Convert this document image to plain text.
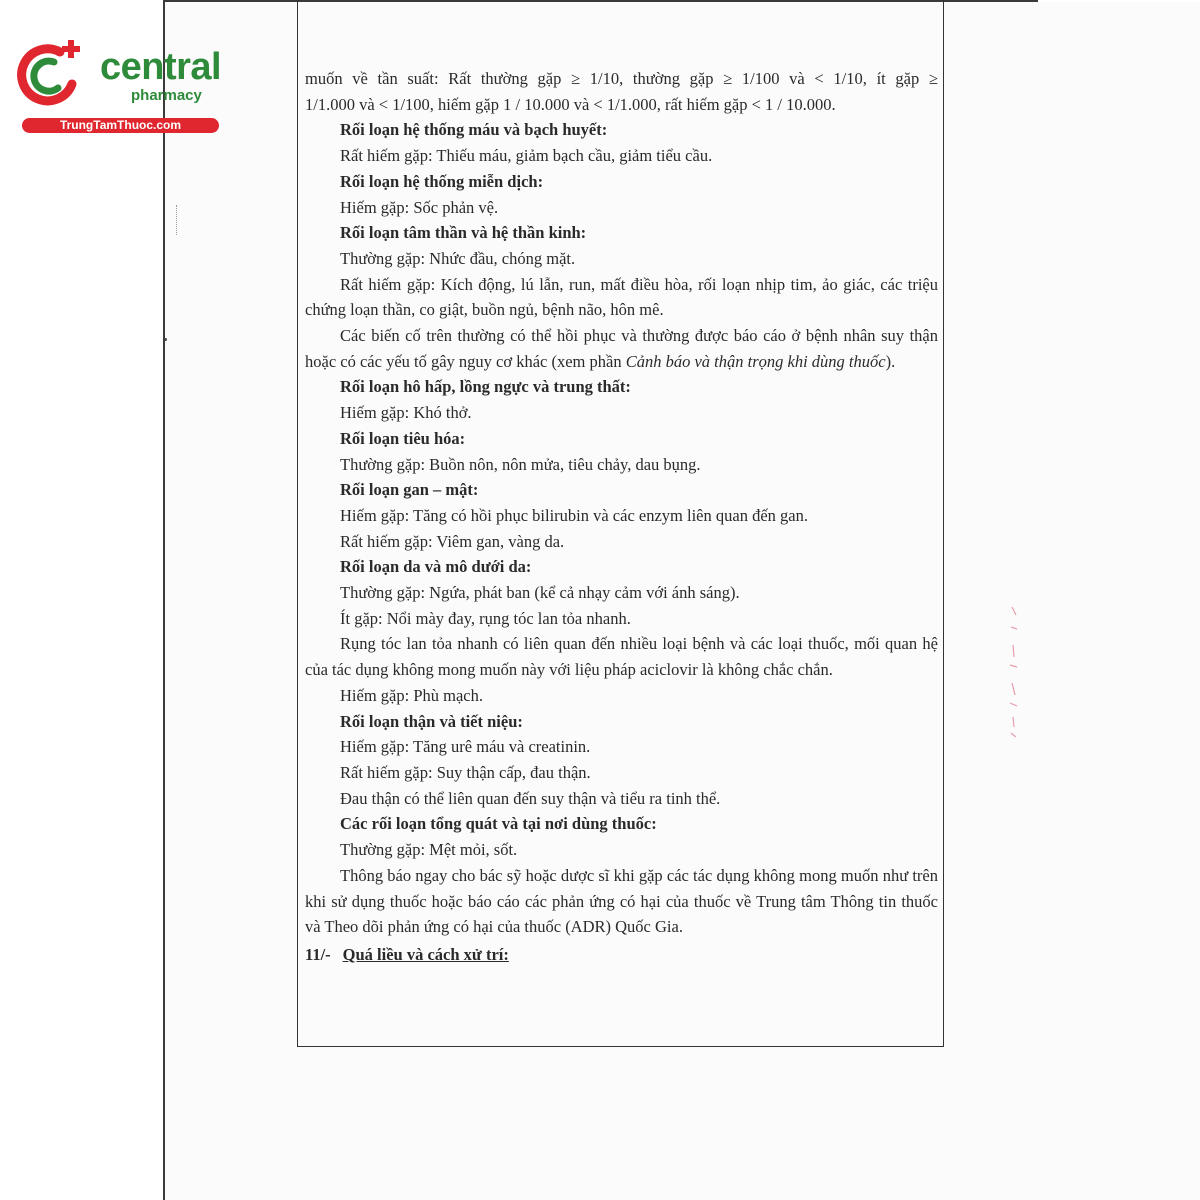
central
pharmacy
TrungTamThuoc.com

muốn về tần suất: Rất thường gặp ≥ 1/10, thường gặp ≥ 1/100 và < 1/10, ít gặp ≥

1/1.000 và < 1/100, hiếm gặp 1 / 10.000 và < 1/1.000, rất hiếm gặp < 1 / 10.000.

Rối loạn hệ thống máu và bạch huyết:

Rất hiếm gặp: Thiếu máu, giảm bạch cầu, giảm tiểu cầu.

Rối loạn hệ thống miễn dịch:

Hiếm gặp: Sốc phản vệ.

Rối loạn tâm thần và hệ thần kinh:

Thường gặp: Nhức đầu, chóng mặt.

Rất hiếm gặp: Kích động, lú lẫn, run, mất điều hòa, rối loạn nhịp tim, ảo giác, các triệu chứng loạn thần, co giật, buồn ngủ, bệnh não, hôn mê.

Các biến cố trên thường có thể hồi phục và thường được báo cáo ở bệnh nhân suy thận hoặc có các yếu tố gây nguy cơ khác (xem phần Cảnh báo và thận trọng khi dùng thuốc).

Rối loạn hô hấp, lồng ngực và trung thất:

Hiếm gặp: Khó thở.

Rối loạn tiêu hóa:

Thường gặp: Buồn nôn, nôn mửa, tiêu chảy, dau bụng.

Rối loạn gan – mật:

Hiếm gặp: Tăng có hồi phục bilirubin và các enzym liên quan đến gan.

Rất hiếm gặp: Viêm gan, vàng da.

Rối loạn da và mô dưới da:

Thường gặp: Ngứa, phát ban (kể cả nhạy cảm với ánh sáng).

Ít gặp: Nổi mày đay, rụng tóc lan tỏa nhanh.

Rụng tóc lan tỏa nhanh có liên quan đến nhiều loại bệnh và các loại thuốc, mối quan hệ của tác dụng không mong muốn này với liệu pháp aciclovir là không chắc chắn.

Hiếm gặp: Phù mạch.

Rối loạn thận và tiết niệu:

Hiếm gặp: Tăng urê máu và creatinin.

Rất hiếm gặp: Suy thận cấp, đau thận.

Đau thận có thể liên quan đến suy thận và tiểu ra tinh thể.

Các rối loạn tổng quát và tại nơi dùng thuốc:

Thường gặp: Mệt mỏi, sốt.

Thông báo ngay cho bác sỹ hoặc dược sĩ khi gặp các tác dụng không mong muốn như trên khi sử dụng thuốc hoặc báo cáo các phản ứng có hại của thuốc về Trung tâm Thông tin thuốc và Theo dõi phản ứng có hại của thuốc (ADR) Quốc Gia.

11/- Quá liều và cách xử trí:
